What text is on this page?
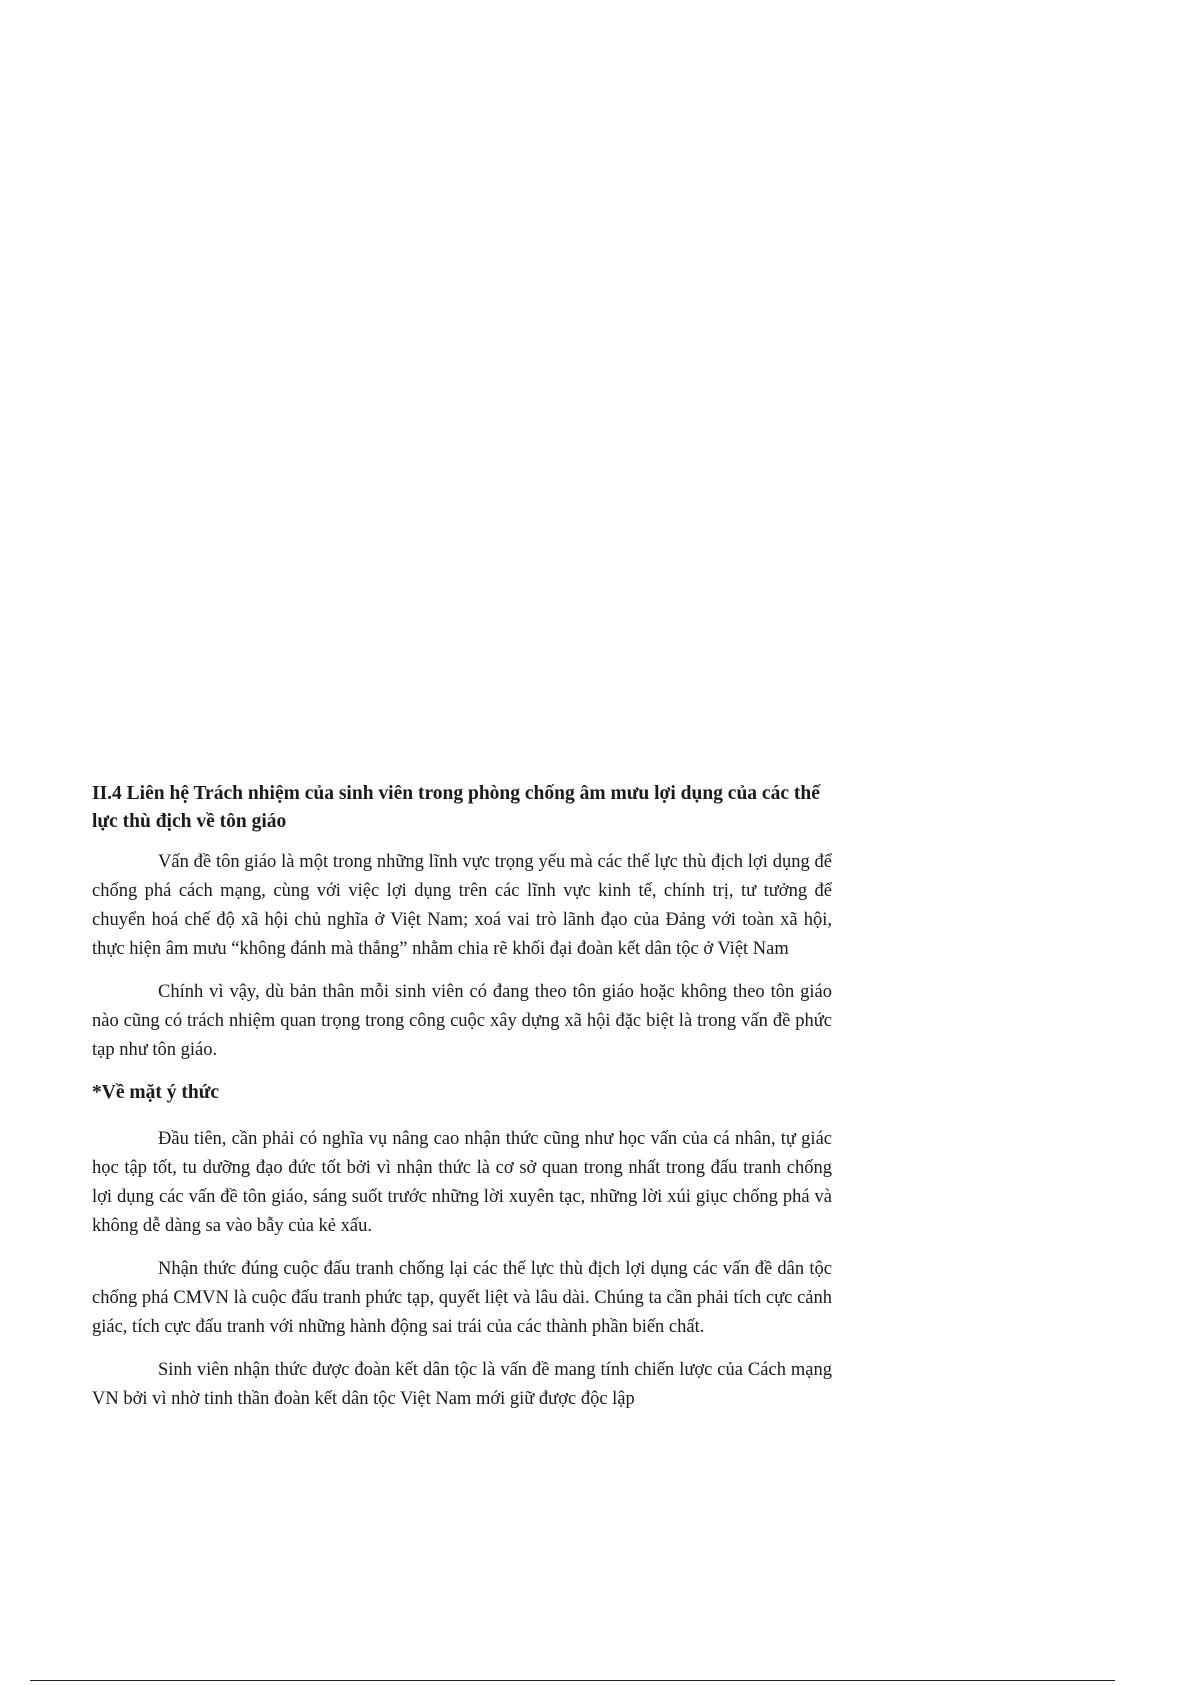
II.4 Liên hệ Trách nhiệm của sinh viên trong phòng chống âm mưu lợi dụng của các thế lực thù địch về tôn giáo

Vấn đề tôn giáo là một trong những lĩnh vực trọng yếu mà các thế lực thù địch lợi dụng để chống phá cách mạng, cùng với việc lợi dụng trên các lĩnh vực kinh tế, chính trị, tư tưởng để chuyển hoá chế độ xã hội chủ nghĩa ở Việt Nam; xoá vai trò lãnh đạo của Đảng với toàn xã hội, thực hiện âm mưu “không đánh mà thắng” nhằm chia rẽ khối đại đoàn kết dân tộc ở Việt Nam

Chính vì vậy, dù bản thân mỗi sinh viên có đang theo tôn giáo hoặc không theo tôn giáo nào cũng có trách nhiệm quan trọng trong công cuộc xây dựng xã hội đặc biệt là trong vấn đề phức tạp như tôn giáo.

*Về mặt ý thức

Đầu tiên, cần phải có nghĩa vụ nâng cao nhận thức cũng như học vấn của cá nhân, tự giác học tập tốt, tu dưỡng đạo đức tốt bởi vì nhận thức là cơ sở quan trong nhất trong đấu tranh chống lợi dụng các vấn đề tôn giáo, sáng suốt trước những lời xuyên tạc, những lời xúi giục chống phá và không dễ dàng sa vào bẫy của kẻ xấu.

Nhận thức đúng cuộc đấu tranh chống lại các thế lực thù địch lợi dụng các vấn đề dân tộc chống phá CMVN là cuộc đấu tranh phức tạp, quyết liệt và lâu dài. Chúng ta cần phải tích cực cảnh giác, tích cực đấu tranh với những hành động sai trái của các thành phần biến chất.

Sinh viên nhận thức được đoàn kết dân tộc là vấn đề mang tính chiến lược của Cách mạng VN bởi vì nhờ tinh thần đoàn kết dân tộc Việt Nam mới giữ được độc lập
